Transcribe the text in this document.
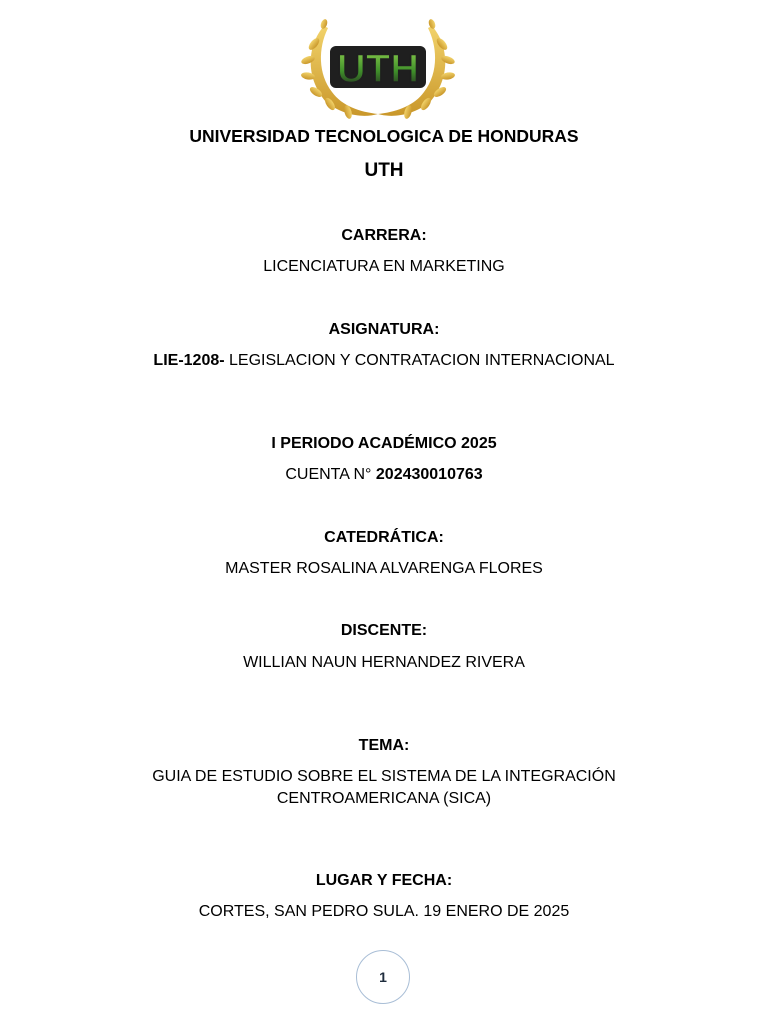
UTH
UNIVERSIDAD TECNOLOGICA DE HONDURAS
UTH
CARRERA:
LICENCIATURA EN MARKETING
ASIGNATURA:
LIE-1208- LEGISLACION Y CONTRATACION INTERNACIONAL
I PERIODO ACADÉMICO 2025
CUENTA N° 202430010763
CATEDRÁTICA:
MASTER ROSALINA ALVARENGA FLORES
DISCENTE:
WILLIAN NAUN HERNANDEZ RIVERA
TEMA:
GUIA DE ESTUDIO SOBRE EL SISTEMA DE LA INTEGRACIÓN
CENTROAMERICANA (SICA)
LUGAR Y FECHA:
CORTES, SAN PEDRO SULA. 19 ENERO DE 2025
1
